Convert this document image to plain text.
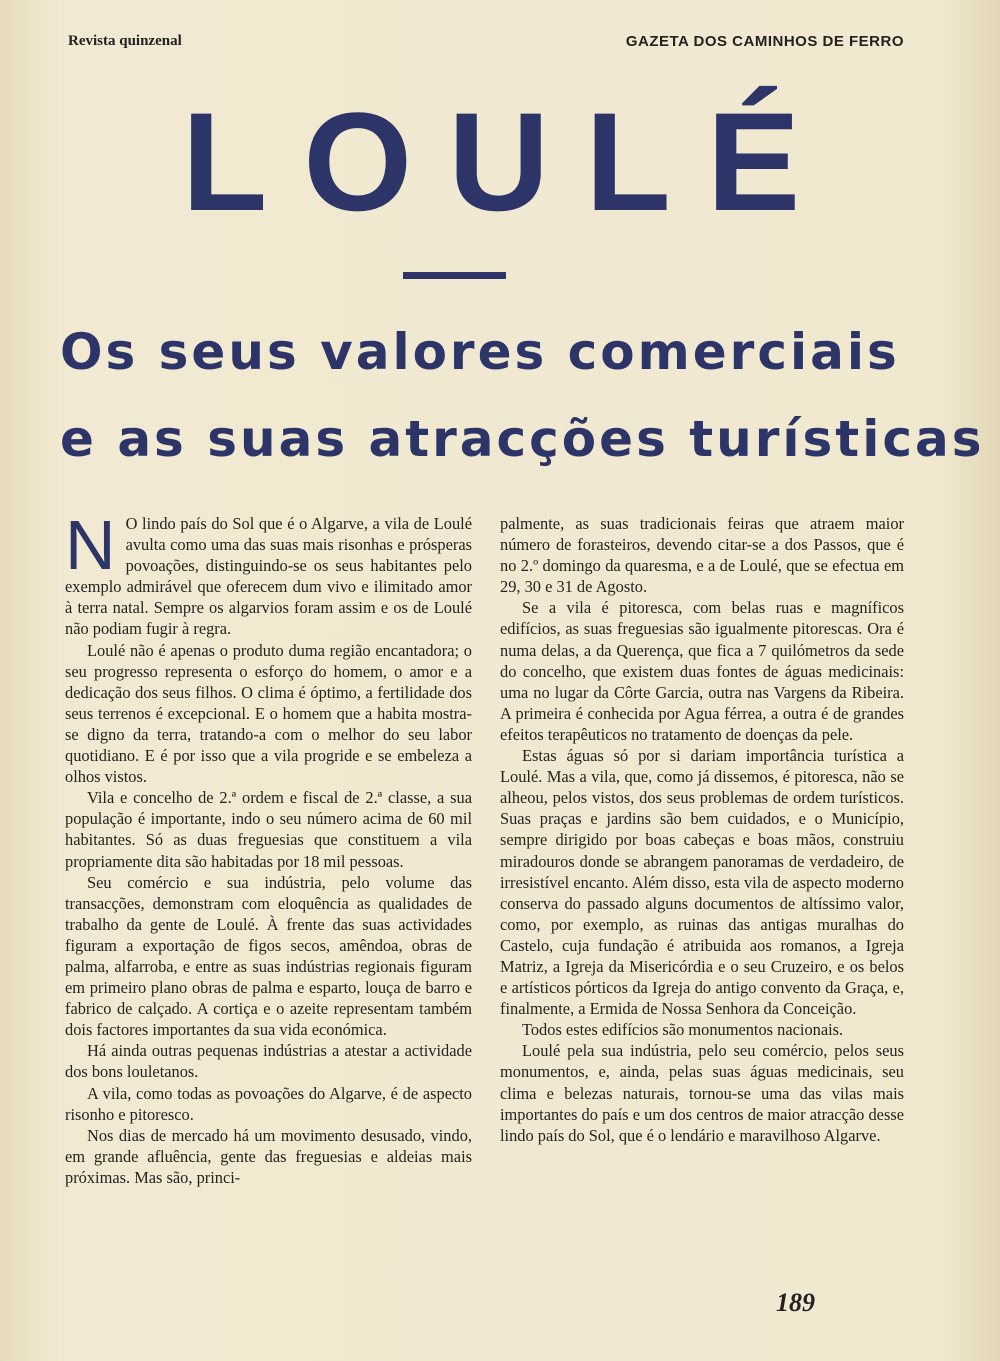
Revista quinzenal	GAZETA DOS CAMINHOS DE FERRO
LOULÉ
Os seus valores comerciais
e as suas atracções turísticas

N O lindo país do Sol que é o Algarve, a vila de Loulé avulta como uma das suas mais risonhas e prósperas povoações, distinguindo-se os seus habitantes pelo exemplo admirável que oferecem dum vivo e ilimitado amor à terra natal. Sempre os algarvios foram assim e os de Loulé não podiam fugir à regra.

Loulé não é apenas o produto duma região encantadora; o seu progresso representa o esforço do homem, o amor e a dedicação dos seus filhos. O clima é óptimo, a fertilidade dos seus terrenos é excepcional. E o homem que a habita mostra-se digno da terra, tratando-a com o melhor do seu labor quotidiano. E é por isso que a vila progride e se embeleza a olhos vistos.

Vila e concelho de 2.ª ordem e fiscal de 2.ª classe, a sua população é importante, indo o seu número acima de 60 mil habitantes. Só as duas freguesias que constituem a vila propriamente dita são habitadas por 18 mil pessoas.

Seu comércio e sua indústria, pelo volume das transacções, demonstram com eloquência as qualidades de trabalho da gente de Loulé. À frente das suas actividades figuram a exportação de figos secos, amêndoa, obras de palma, alfarroba, e entre as suas indústrias regionais figuram em primeiro plano obras de palma e esparto, louça de barro e fabrico de calçado. A cortiça e o azeite representam também dois factores importantes da sua vida económica.

Há ainda outras pequenas indústrias a atestar a actividade dos bons louletanos.

A vila, como todas as povoações do Algarve, é de aspecto risonho e pitoresco.

Nos dias de mercado há um movimento desusado, vindo, em grande afluência, gente das freguesias e aldeias mais próximas. Mas são, princi-

palmente, as suas tradicionais feiras que atraem maior número de forasteiros, devendo citar-se a dos Passos, que é no 2.º domingo da quaresma, e a de Loulé, que se efectua em 29, 30 e 31 de Agosto.

Se a vila é pitoresca, com belas ruas e magníficos edifícios, as suas freguesias são igualmente pitorescas. Ora é numa delas, a da Querença, que fica a 7 quilómetros da sede do concelho, que existem duas fontes de águas medicinais: uma no lugar da Côrte Garcia, outra nas Vargens da Ribeira. A primeira é conhecida por Agua férrea, a outra é de grandes efeitos terapêuticos no tratamento de doenças da pele.

Estas águas só por si dariam importância turística a Loulé. Mas a vila, que, como já dissemos, é pitoresca, não se alheou, pelos vistos, dos seus problemas de ordem turísticos. Suas praças e jardins são bem cuidados, e o Município, sempre dirigido por boas cabeças e boas mãos, construiu miradouros donde se abrangem panoramas de verdadeiro, de irresistível encanto. Além disso, esta vila de aspecto moderno conserva do passado alguns documentos de altíssimo valor, como, por exemplo, as ruinas das antigas muralhas do Castelo, cuja fundação é atribuida aos romanos, a Igreja Matriz, a Igreja da Misericórdia e o seu Cruzeiro, e os belos e artísticos pórticos da Igreja do antigo convento da Graça, e, finalmente, a Ermida de Nossa Senhora da Conceição.

Todos estes edifícios são monumentos nacionais.

Loulé pela sua indústria, pelo seu comércio, pelos seus monumentos, e, ainda, pelas suas águas medicinais, seu clima e belezas naturais, tornou-se uma das vilas mais importantes do país e um dos centros de maior atracção desse lindo país do Sol, que é o lendário e maravilhoso Algarve.

189
